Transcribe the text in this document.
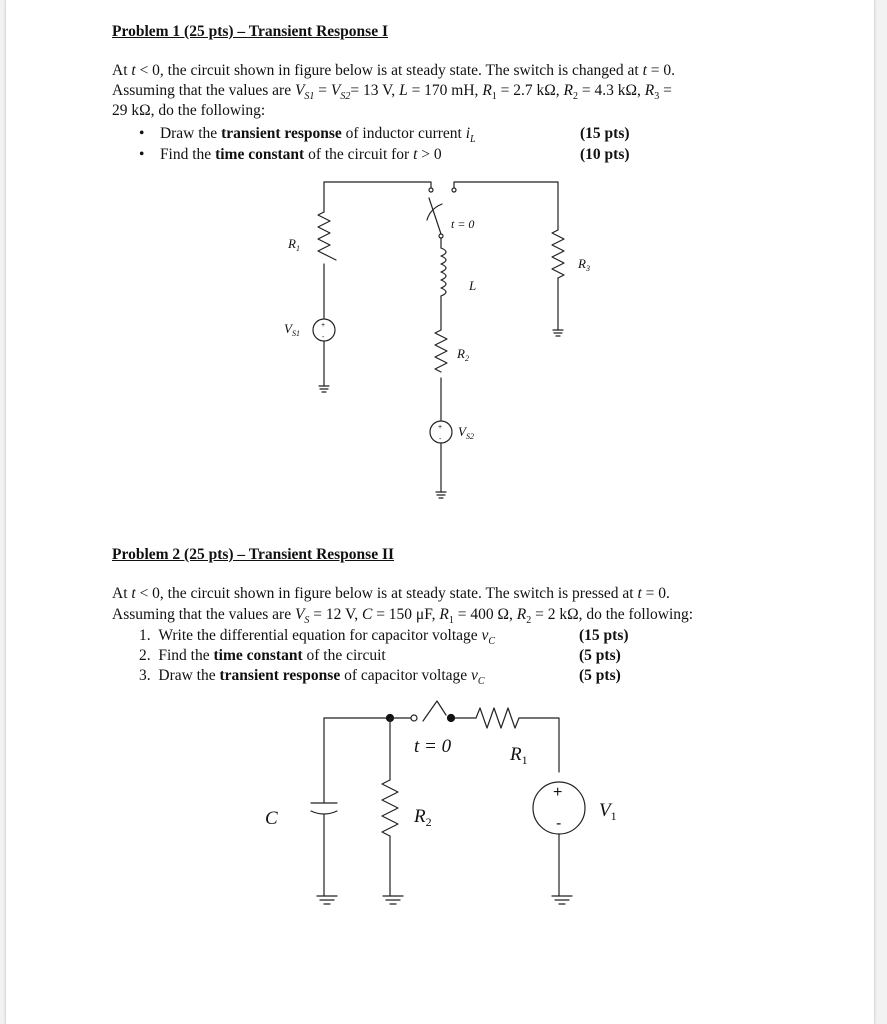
Problem 1 (25 pts) – Transient Response I
At t < 0, the circuit shown in figure below is at steady state. The switch is changed at t = 0.
Assuming that the values are $V_{S1} = V_{S2}= 13$ V, L = 170 mH, $R_1 = 2.7$ kΩ, $R_2 = 4.3$ kΩ, $R_3$ =
29 kΩ, do the following:
• Draw the transient response of inductor current $i_L$	(15 pts)
• Find the time constant of the circuit for t > 0	(10 pts)
Problem 2 (25 pts) – Transient Response II
At t < 0, the circuit shown in figure below is at steady state. The switch is pressed at t = 0.
Assuming that the values are $V_S = 12$ V, C = 150 μF, $R_1 = 400$ Ω, $R_2 = 2$ kΩ, do the following:
1. Write the differential equation for capacitor voltage $v_C$	(15 pts)
2. Find the time constant of the circuit	(5 pts)
3. Draw the transient response of capacitor voltage $v_C$	(5 pts)
t = 0
$R_1$
$R_3$
L
$V_{S1}$
$R_2$
$V_{S2}$
+
-
+
-
t = 0	$R_1$
C	$R_2$
$V_1$
+
-
